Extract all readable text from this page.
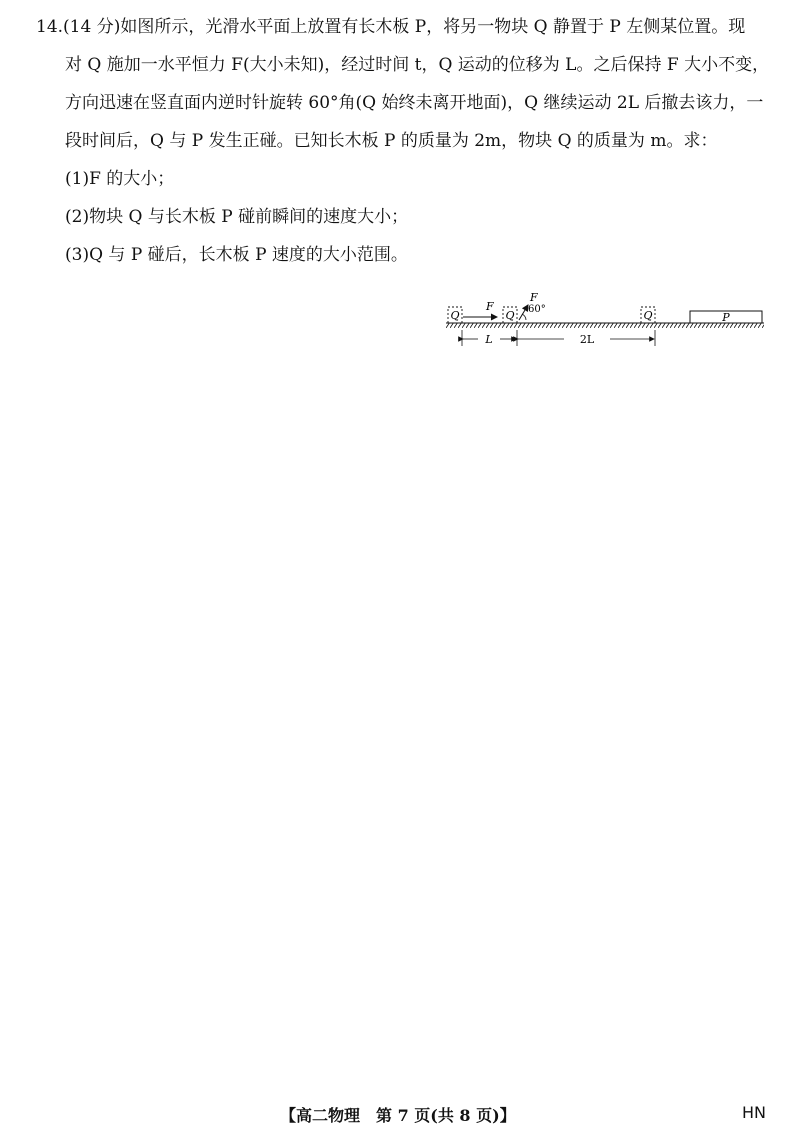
14.(14 分)如图所示，光滑水平面上放置有长木板 P，将另一物块 Q 静置于 P 左侧某位置。现
对 Q 施加一水平恒力 F(大小未知)，经过时间 t，Q 运动的位移为 L。之后保持 F 大小不变，
方向迅速在竖直面内逆时针旋转 60°角(Q 始终未离开地面)，Q 继续运动 2L 后撤去该力，一
段时间后，Q 与 P 发生正碰。已知长木板 P 的质量为 2m，物块 Q 的质量为 m。求：
(1)F 的大小；
(2)物块 Q 与长木板 P 碰前瞬间的速度大小；
(3)Q 与 P 碰后，长木板 P 速度的大小范围。
Q
F
Q
F
60°	Q	P
L	2L
【高二物理　第 7 页(共 8 页)】	HN
